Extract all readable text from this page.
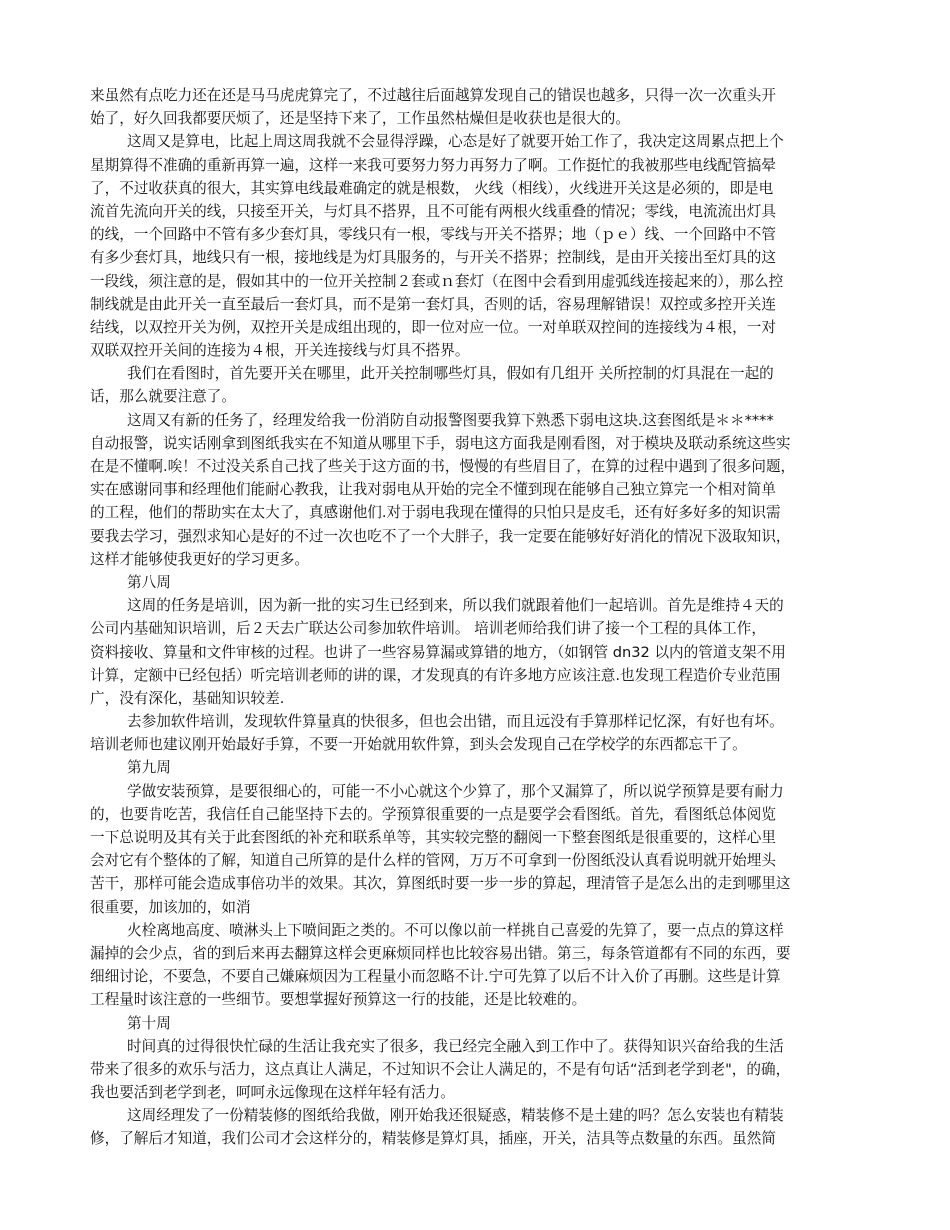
来虽然有点吃力还在还是马马虎虎算完了，不过越往后面越算发现自己的错误也越多，只得一次一次重头开
始了，好久回我都要厌烦了，还是坚持下来了，工作虽然枯燥但是收获也是很大的。
这周又是算电，比起上周这周我就不会显得浮躁，心态是好了就要开始工作了，我决定这周累点把上个
星期算得不准确的重新再算一遍，这样一来我可要努力努力再努力了啊。工作挺忙的我被那些电线配管搞晕
了，不过收获真的很大，其实算电线最难确定的就是根数， 火线（相线），火线进开关这是必须的，即是电
流首先流向开关的线，只接至开关，与灯具不搭界，且不可能有两根火线重叠的情况；零线，电流流出灯具
的线，一个回路中不管有多少套灯具，零线只有一根，零线与开关不搭界；地（ｐｅ）线、一个回路中不管
有多少套灯具，地线只有一根，接地线是为灯具服务的，与开关不搭界；控制线，是由开关接出至灯具的这
一段线，须注意的是，假如其中的一位开关控制２套或ｎ套灯（在图中会看到用虚弧线连接起来的），那么控
制线就是由此开关一直至最后一套灯具，而不是第一套灯具，否则的话，容易理解错误！双控或多控开关连
结线，以双控开关为例，双控开关是成组出现的，即一位对应一位。一对单联双控间的连接线为４根，一对
双联双控开关间的连接为４根，开关连接线与灯具不搭界。
我们在看图时，首先要开关在哪里，此开关控制哪些灯具，假如有几组开 关所控制的灯具混在一起的
话，那么就要注意了。
这周又有新的任务了，经理发给我一份消防自动报警图要我算下熟悉下弱电这块.这套图纸是＊＊****
自动报警，说实话刚拿到图纸我实在不知道从哪里下手，弱电这方面我是刚看图，对于模块及联动系统这些实
在是不懂啊.唉！不过没关系自己找了些关于这方面的书，慢慢的有些眉目了，在算的过程中遇到了很多问题，
实在感谢同事和经理他们能耐心教我，让我对弱电从开始的完全不懂到现在能够自己独立算完一个相对简单
的工程，他们的帮助实在太大了，真感谢他们.对于弱电我现在懂得的只怕只是皮毛，还有好多好多的知识需
要我去学习，强烈求知心是好的不过一次也吃不了一个大胖子，我一定要在能够好好消化的情况下汲取知识，
这样才能够使我更好的学习更多。
第八周
这周的任务是培训，因为新一批的实习生已经到来，所以我们就跟着他们一起培训。首先是维持４天的
公司内基础知识培训，后２天去广联达公司参加软件培训。 培训老师给我们讲了接一个工程的具体工作，
资料接收、算量和文件审核的过程。也讲了一些容易算漏或算错的地方，（如钢管 dn32 以内的管道支架不用
计算，定额中已经包括）听完培训老师的讲的课，才发现真的有许多地方应该注意.也发现工程造价专业范围
广，没有深化，基础知识较差.
去参加软件培训，发现软件算量真的快很多，但也会出错，而且远没有手算那样记忆深，有好也有坏。
培训老师也建议刚开始最好手算，不要一开始就用软件算，到头会发现自己在学校学的东西都忘干了。
第九周
学做安装预算，是要很细心的，可能一不小心就这个少算了，那个又漏算了，所以说学预算是要有耐力
的，也要肯吃苦，我信任自己能坚持下去的。学预算很重要的一点是要学会看图纸。首先，看图纸总体阅览
一下总说明及其有关于此套图纸的补充和联系单等，其实较完整的翻阅一下整套图纸是很重要的，这样心里
会对它有个整体的了解，知道自己所算的是什么样的管网，万万不可拿到一份图纸没认真看说明就开始埋头
苦干，那样可能会造成事倍功半的效果。其次，算图纸时要一步一步的算起，理清管子是怎么出的走到哪里这
很重要，加该加的，如消
火栓离地高度、喷淋头上下喷间距之类的。不可以像以前一样挑自己喜爱的先算了，要一点点的算这样
漏掉的会少点，省的到后来再去翻算这样会更麻烦同样也比较容易出错。第三，每条管道都有不同的东西，要
细细讨论，不要急，不要自己嫌麻烦因为工程量小而忽略不计.宁可先算了以后不计入价了再删。这些是计算
工程量时该注意的一些细节。要想掌握好预算这一行的技能，还是比较难的。
第十周
时间真的过得很快忙碌的生活让我充实了很多，我已经完全融入到工作中了。获得知识兴奋给我的生活
带来了很多的欢乐与活力，这点真让人满足，不过知识不会让人满足的，不是有句话“活到老学到老"，的确，
我也要活到老学到老，呵呵永远像现在这样年轻有活力。
这周经理发了一份精装修的图纸给我做，刚开始我还很疑惑，精装修不是土建的吗？怎么安装也有精装
修，了解后才知道，我们公司才会这样分的，精装修是算灯具，插座，开关，洁具等点数量的东西。虽然简
